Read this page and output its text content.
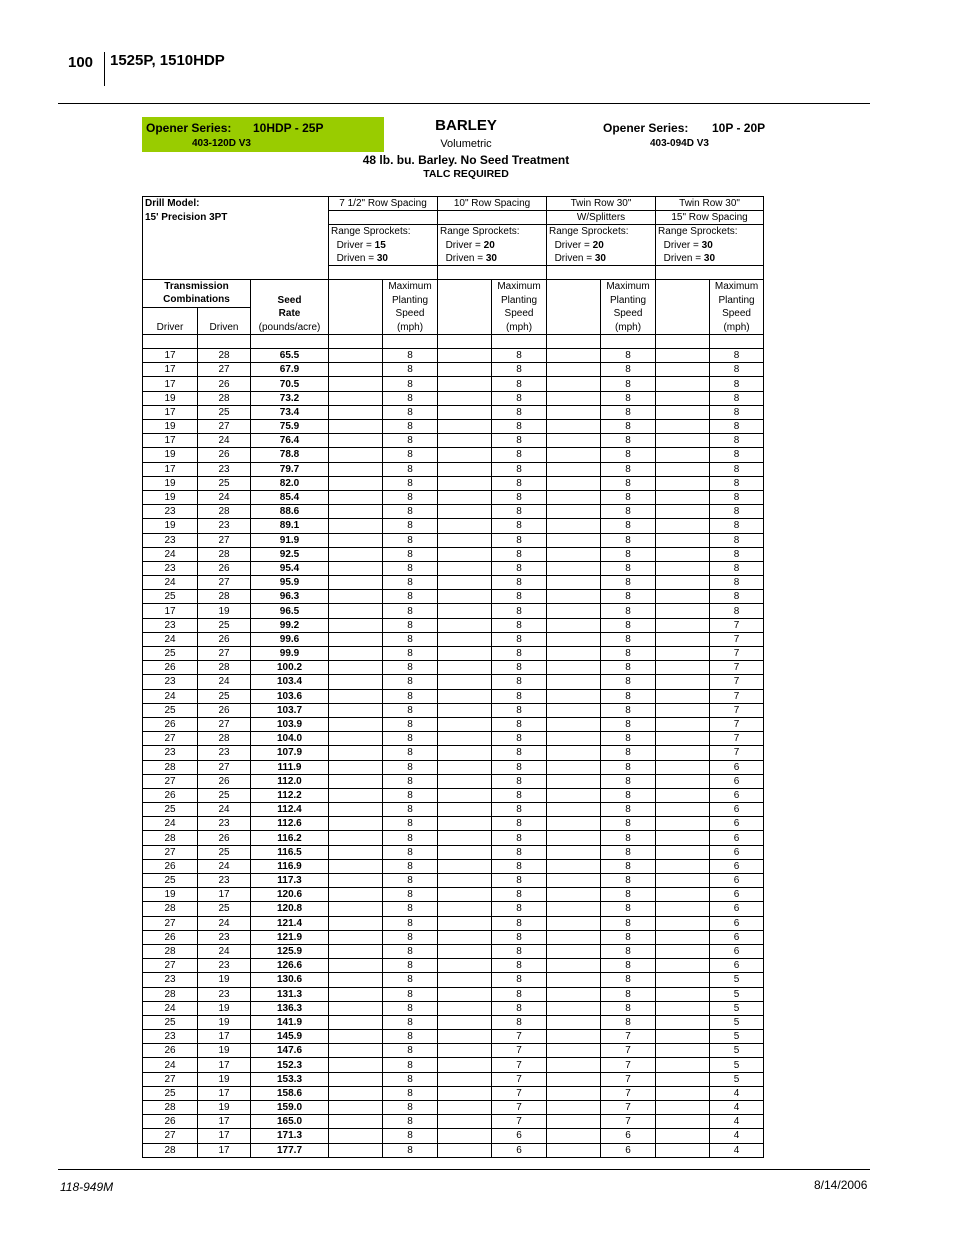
100 1525P, 1510HDP
Opener Series: 10HDP - 25P
403-120D V3
BARLEY
Volumetric
Opener Series: 10P - 20P
403-094D V3
48 lb. bu. Barley. No Seed Treatment
TALC REQUIRED
Drill Model:			7 1/2" Row Spacing		10" Row Spacing		Twin Row 30"		Twin Row 30"	
15' Precision 3PT							W/Splitters		15" Row Spacing	
			Range Sprockets:		Range Sprockets:		Range Sprockets:		Range Sprockets:	
			Driver = 15		Driver = 20		Driver = 20		Driver = 30	
			Driven = 30		Driven = 30		Driven = 30		Driven = 30	

Transmission				Maximum		Maximum		Maximum		Maximum
Combinations		Seed		Planting		Planting		Planting		Planting
		Rate		Speed		Speed		Speed		Speed
Driver	Driven	(pounds/acre)		(mph)		(mph)		(mph)		(mph)

17	28	65.5		8		8		8		8
17	27	67.9		8		8		8		8
17	26	70.5		8		8		8		8
19	28	73.2		8		8		8		8
17	25	73.4		8		8		8		8
19	27	75.9		8		8		8		8
17	24	76.4		8		8		8		8
19	26	78.8		8		8		8		8
17	23	79.7		8		8		8		8
19	25	82.0		8		8		8		8
19	24	85.4		8		8		8		8
23	28	88.6		8		8		8		8
19	23	89.1		8		8		8		8
23	27	91.9		8		8		8		8
24	28	92.5		8		8		8		8
23	26	95.4		8		8		8		8
24	27	95.9		8		8		8		8
25	28	96.3		8		8		8		8
17	19	96.5		8		8		8		8
23	25	99.2		8		8		8		7
24	26	99.6		8		8		8		7
25	27	99.9		8		8		8		7
26	28	100.2		8		8		8		7
23	24	103.4		8		8		8		7
24	25	103.6		8		8		8		7
25	26	103.7		8		8		8		7
26	27	103.9		8		8		8		7
27	28	104.0		8		8		8		7
23	23	107.9		8		8		8		7
28	27	111.9		8		8		8		6
27	26	112.0		8		8		8		6
26	25	112.2		8		8		8		6
25	24	112.4		8		8		8		6
24	23	112.6		8		8		8		6
28	26	116.2		8		8		8		6
27	25	116.5		8		8		8		6
26	24	116.9		8		8		8		6
25	23	117.3		8		8		8		6
19	17	120.6		8		8		8		6
28	25	120.8		8		8		8		6
27	24	121.4		8		8		8		6
26	23	121.9		8		8		8		6
28	24	125.9		8		8		8		6
27	23	126.6		8		8		8		6
23	19	130.6		8		8		8		5
28	23	131.3		8		8		8		5
24	19	136.3		8		8		8		5
25	19	141.9		8		8		8		5
23	17	145.9		8		7		7		5
26	19	147.6		8		7		7		5
24	17	152.3		8		7		7		5
27	19	153.3		8		7		7		5
25	17	158.6		8		7		7		4
28	19	159.0		8		7		7		4
26	17	165.0		8		7		7		4
27	17	171.3		8		6		6		4
28	17	177.7		8		6		6		4
118-949M	8/14/2006
